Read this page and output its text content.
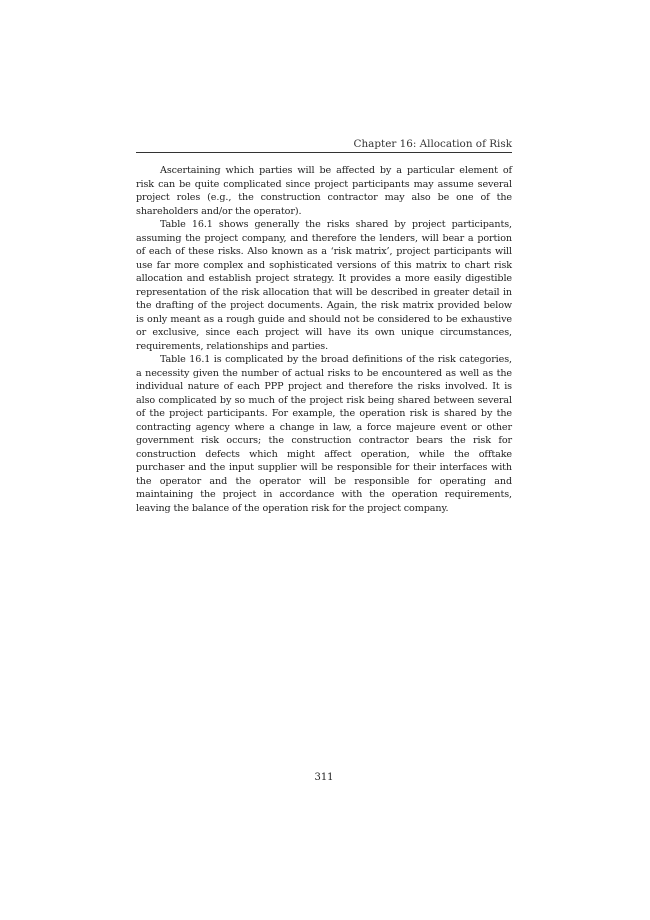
Chapter 16: Allocation of Risk

Ascertaining which parties will be affected by a particular element of risk can be quite complicated since project participants may assume several project roles (e.g., the construction contractor may also be one of the shareholders and/or the operator).

Table 16.1 shows generally the risks shared by project participants, assuming the project company, and therefore the lenders, will bear a portion of each of these risks. Also known as a ‘risk matrix’, project participants will use far more complex and sophisticated versions of this matrix to chart risk allocation and establish project strategy. It provides a more easily digestible representation of the risk allocation that will be described in greater detail in the drafting of the project documents. Again, the risk matrix provided below is only meant as a rough guide and should not be considered to be exhaustive or exclusive, since each project will have its own unique circumstances, requirements, relationships and parties.

Table 16.1 is complicated by the broad definitions of the risk categories, a necessity given the number of actual risks to be encountered as well as the individual nature of each PPP project and therefore the risks involved. It is also complicated by so much of the project risk being shared between several of the project participants. For example, the operation risk is shared by the contracting agency where a change in law, a force majeure event or other government risk occurs; the construction contractor bears the risk for construction defects which might affect operation, while the offtake purchaser and the input supplier will be responsible for their interfaces with the operator and the operator will be responsible for operating and maintaining the project in accordance with the operation requirements, leaving the balance of the operation risk for the project company.

311
